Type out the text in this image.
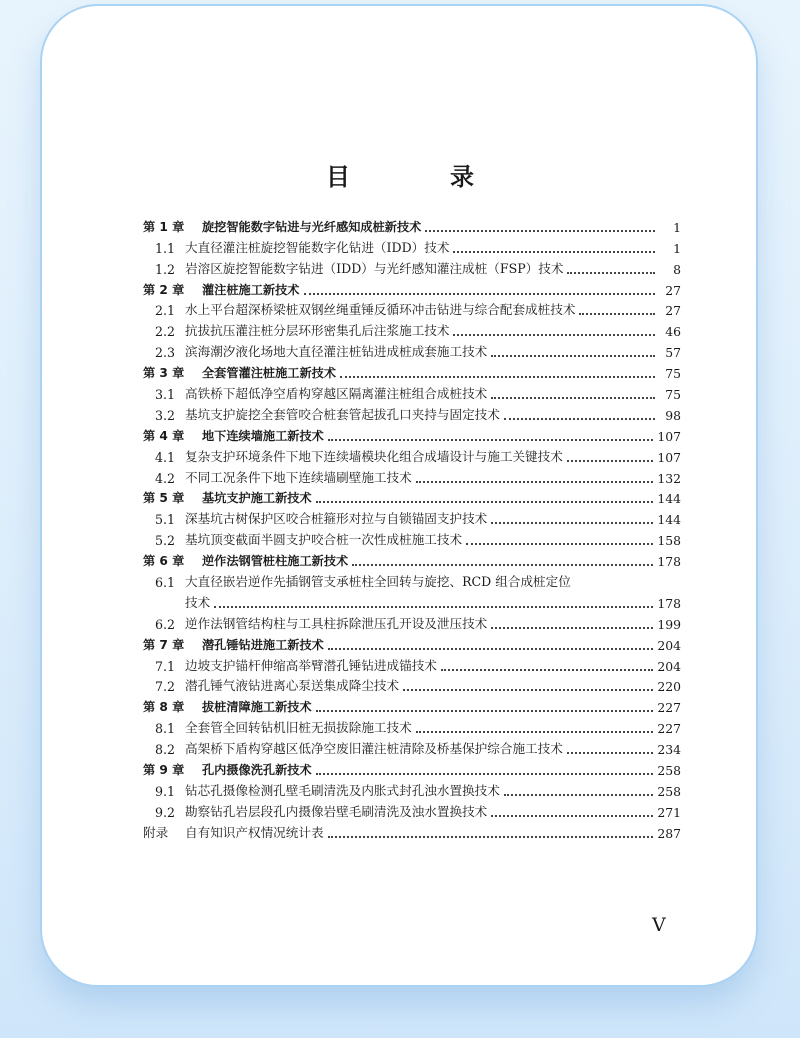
目　录
第 1 章	旋挖智能数字钻进与光纤感知成桩新技术	1
1.1 大直径灌注桩旋挖智能数字化钻进（IDD）技术	1
1.2 岩溶区旋挖智能数字钻进（IDD）与光纤感知灌注成桩（FSP）技术	8
第 2 章	灌注桩施工新技术	27
2.1 水上平台超深桥梁桩双钢丝绳重锤反循环冲击钻进与综合配套成桩技术	27
2.2 抗拔抗压灌注桩分层环形密集孔后注浆施工技术	46
2.3 滨海潮汐液化场地大直径灌注桩钻进成桩成套施工技术	57
第 3 章	全套管灌注桩施工新技术	75
3.1 高铁桥下超低净空盾构穿越区隔离灌注桩组合成桩技术	75
3.2 基坑支护旋挖全套管咬合桩套管起拔孔口夹持与固定技术	98
第 4 章	地下连续墙施工新技术	107
4.1 复杂支护环境条件下地下连续墙模块化组合成墙设计与施工关键技术	107
4.2 不同工况条件下地下连续墙刷壁施工技术	132
第 5 章	基坑支护施工新技术	144
5.1 深基坑古树保护区咬合桩箍形对拉与自锁锚固支护技术	144
5.2 基坑顶变截面半圆支护咬合桩一次性成桩施工技术	158
第 6 章	逆作法钢管桩柱施工新技术	178
6.1 大直径嵌岩逆作先插钢管支承桩柱全回转与旋挖、RCD 组合成桩定位
技术	178
6.2 逆作法钢管结构柱与工具柱拆除泄压孔开设及泄压技术	199
第 7 章	潜孔锤钻进施工新技术	204
7.1 边坡支护锚杆伸缩高举臂潜孔锤钻进成锚技术	204
7.2 潜孔锤气液钻进离心泵送集成降尘技术	220
第 8 章	拔桩清障施工新技术	227
8.1 全套管全回转钻机旧桩无损拔除施工技术	227
8.2 高架桥下盾构穿越区低净空废旧灌注桩清除及桥基保护综合施工技术	234
第 9 章	孔内摄像洗孔新技术	258
9.1 钻芯孔摄像检测孔壁毛刷清洗及内胀式封孔浊水置换技术	258
9.2 勘察钻孔岩层段孔内摄像岩壁毛刷清洗及浊水置换技术	271
附录	自有知识产权情况统计表	287
V
